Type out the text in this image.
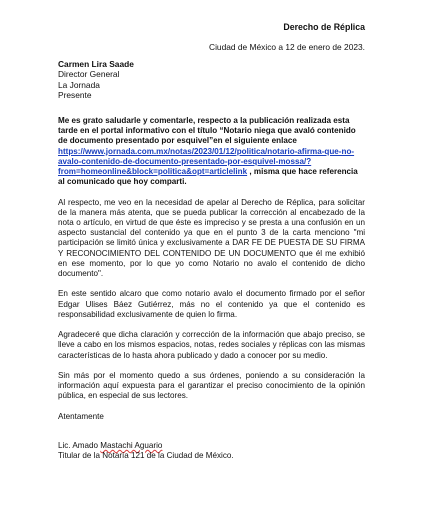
Derecho de Réplica
Ciudad de México a 12 de enero de 2023.
Carmen Lira Saade
Director General
La Jornada
Presente

Me es grato saludarle y comentarle, respecto a la publicación realizada esta tarde en el portal informativo con el título “Notario niega que avaló contenido de documento presentado por esquivel”en el siguiente enlace https://www.jornada.com.mx/notas/2023/01/12/politica/notario-afirma-que-no-avalo-contenido-de-documento-presentado-por-esquivel-mossa/?from=homeonline&block=politica&opt=articlelink , misma que hace referencia al comunicado que hoy comparti.

Al respecto, me veo en la necesidad de apelar al Derecho de Réplica, para solicitar de la manera más atenta, que se pueda publicar la corrección al encabezado de la nota o artículo, en virtud de que éste es impreciso y se presta a una confusión en un aspecto sustancial del contenido ya que en el punto 3 de la carta menciono "mi participación se limitó única y exclusivamente a DAR FE DE PUESTA DE SU FIRMA Y RECONOCIMIENTO DEL CONTENIDO DE UN DOCUMENTO que él me exhibió en ese momento, por lo que yo como Notario no avalo el contenido de dicho documento".

En este sentido alcaro que como notario avalo el documento firmado por el señor Edgar Ulises Báez Gutiérrez, más no el contenido ya que el contenido es responsabilidad exclusivamente de quien lo firma.

Agradeceré que dicha claración y corrección de la información que abajo preciso, se lleve a cabo en los mismos espacios, notas, redes sociales y réplicas con las mismas características de lo hasta ahora publicado y dado a conocer por su medio.

Sin más por el momento quedo a sus órdenes, poniendo a su consideración la información aquí expuesta para el garantizar el preciso conocimiento de la opinión pública, en especial de sus lectores.

Atentamente

Lic. Amado Mastachi Aguario

Titular de la Notaría 121 de la Ciudad de México.
